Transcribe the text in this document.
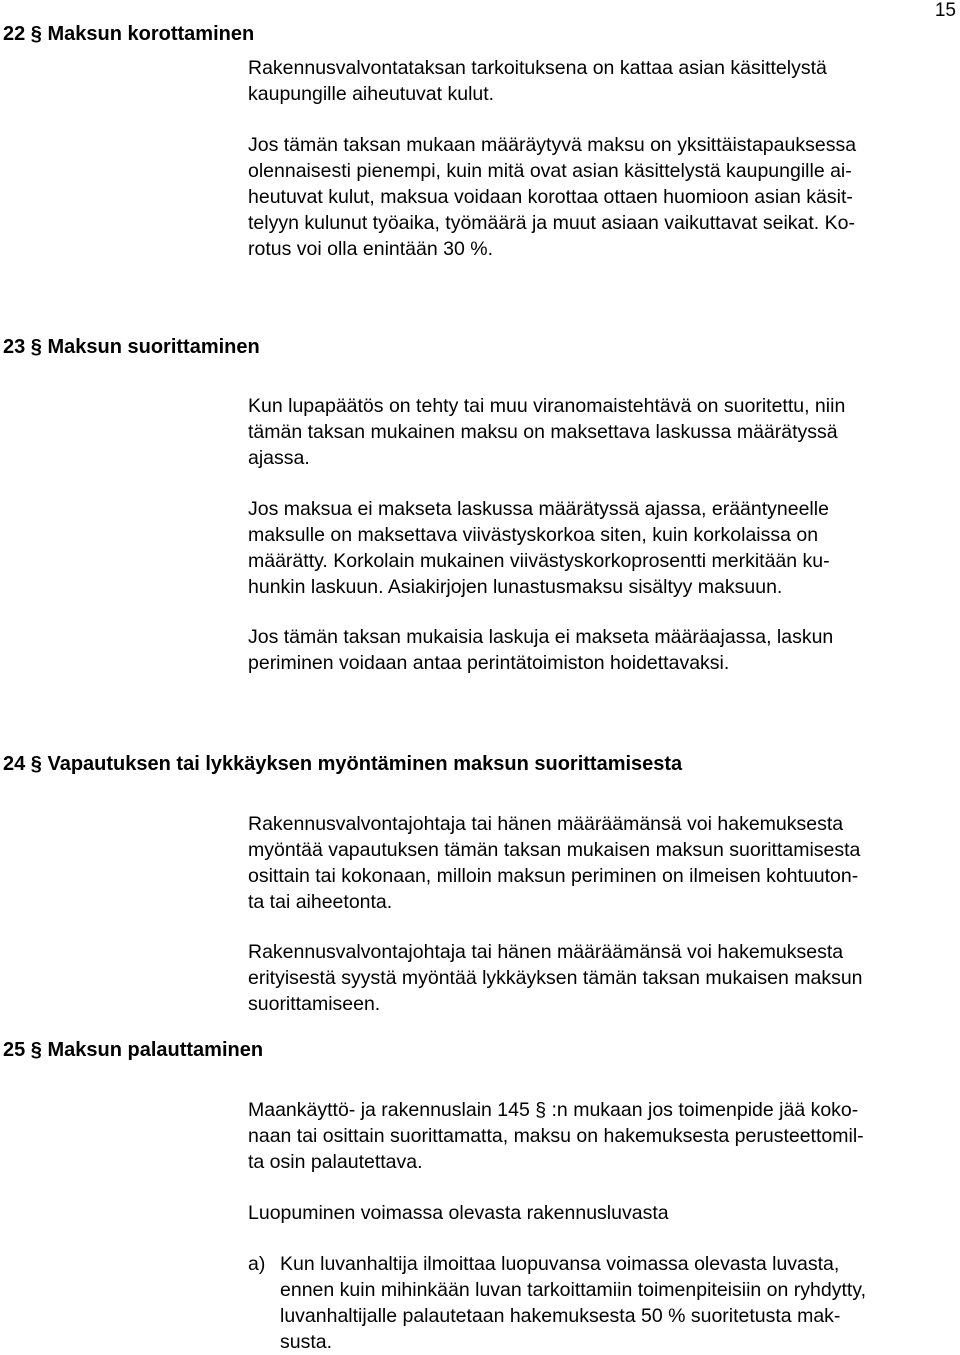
15
22 § Maksun korottaminen
Rakennusvalvontataksan tarkoituksena on kattaa asian käsittelystä
kaupungille aiheutuvat kulut.
Jos tämän taksan mukaan määräytyvä maksu on yksittäistapauksessa
olennaisesti pienempi, kuin mitä ovat asian käsittelystä kaupungille ai-
heutuvat kulut, maksua voidaan korottaa ottaen huomioon asian käsit-
telyyn kulunut työaika, työmäärä ja muut asiaan vaikuttavat seikat. Ko-
rotus voi olla enintään 30 %.
23 § Maksun suorittaminen
Kun lupapäätös on tehty tai muu viranomaistehtävä on suoritettu, niin
tämän taksan mukainen maksu on maksettava laskussa määrätyssä
ajassa.
Jos maksua ei makseta laskussa määrätyssä ajassa, erääntyneelle
maksulle on maksettava viivästyskorkoa siten, kuin korkolaissa on
määrätty. Korkolain mukainen viivästyskorkoprosentti merkitään ku-
hunkin laskuun. Asiakirjojen lunastusmaksu sisältyy maksuun.
Jos tämän taksan mukaisia laskuja ei makseta määräajassa, laskun
periminen voidaan antaa perintätoimiston hoidettavaksi.
24 § Vapautuksen tai lykkäyksen myöntäminen maksun suorittamisesta
Rakennusvalvontajohtaja tai hänen määräämänsä voi hakemuksesta
myöntää vapautuksen tämän taksan mukaisen maksun suorittamisesta
osittain tai kokonaan, milloin maksun periminen on ilmeisen kohtuuton-
ta tai aiheetonta.
Rakennusvalvontajohtaja tai hänen määräämänsä voi hakemuksesta
erityisestä syystä myöntää lykkäyksen tämän taksan mukaisen maksun
suorittamiseen.
25 § Maksun palauttaminen
Maankäyttö- ja rakennuslain 145 § :n mukaan jos toimenpide jää koko-
naan tai osittain suorittamatta, maksu on hakemuksesta perusteettomil-
ta osin palautettava.
Luopuminen voimassa olevasta rakennusluvasta
a) Kun luvanhaltija ilmoittaa luopuvansa voimassa olevasta luvasta,
ennen kuin mihinkään luvan tarkoittamiin toimenpiteisiin on ryhdytty,
luvanhaltijalle palautetaan hakemuksesta 50 % suoritetusta mak-
susta.
